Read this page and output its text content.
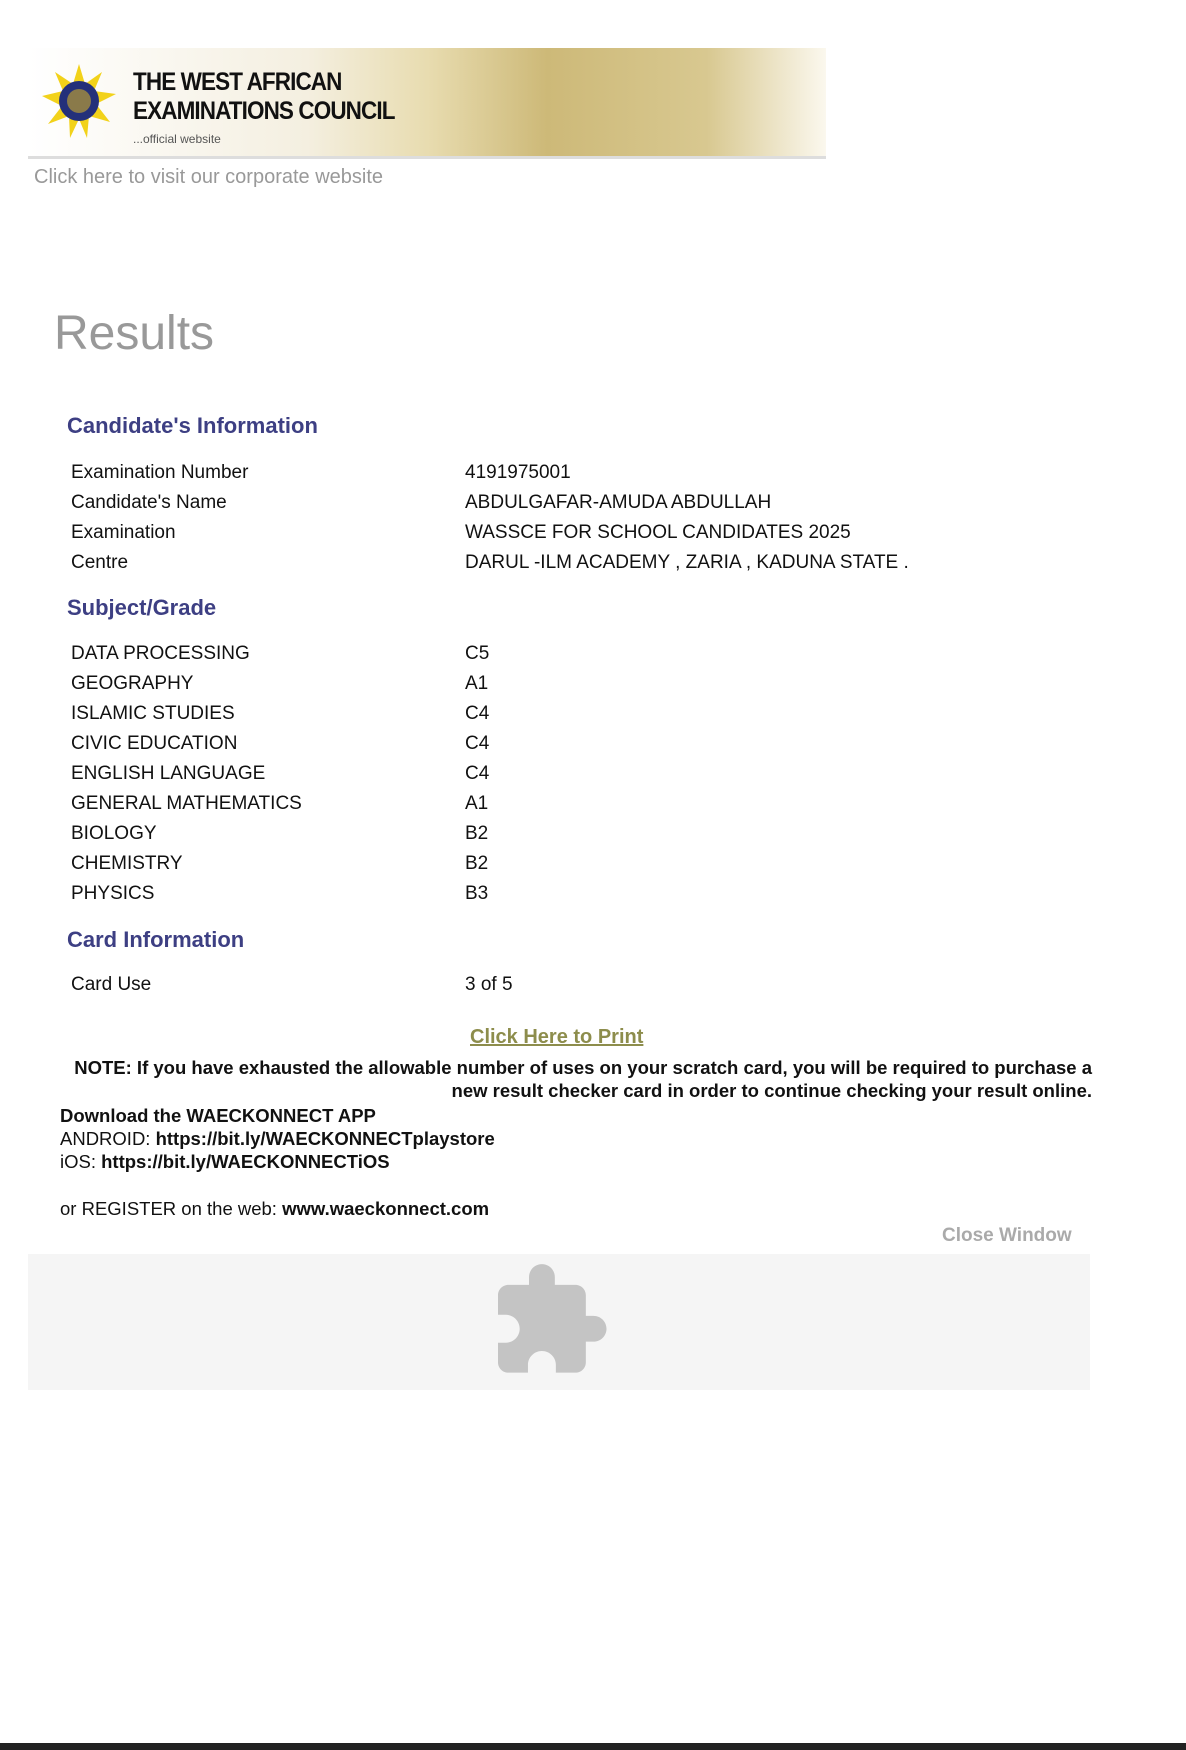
THE WEST AFRICAN
EXAMINATIONS COUNCIL
...official website
Click here to visit our corporate website
Results
Candidate's Information
Examination Number	4191975001
Candidate's Name	ABDULGAFAR-AMUDA ABDULLAH
Examination	WASSCE FOR SCHOOL CANDIDATES 2025
Centre	DARUL -ILM ACADEMY , ZARIA , KADUNA STATE .
Subject/Grade
DATA PROCESSING	C5
GEOGRAPHY	A1
ISLAMIC STUDIES	C4
CIVIC EDUCATION	C4
ENGLISH LANGUAGE	C4
GENERAL MATHEMATICS	A1
BIOLOGY	B2
CHEMISTRY	B2
PHYSICS	B3
Card Information
Card Use	3 of 5
Click Here to Print
NOTE: If you have exhausted the allowable number of uses on your scratch card, you will be required to purchase a new result checker card in order to continue checking your result online.
Download the WAECKONNECT APP
ANDROID: https://bit.ly/WAECKONNECTplaystore
iOS: https://bit.ly/WAECKONNECTiOS
or REGISTER on the web: www.waeckonnect.com
Close Window
